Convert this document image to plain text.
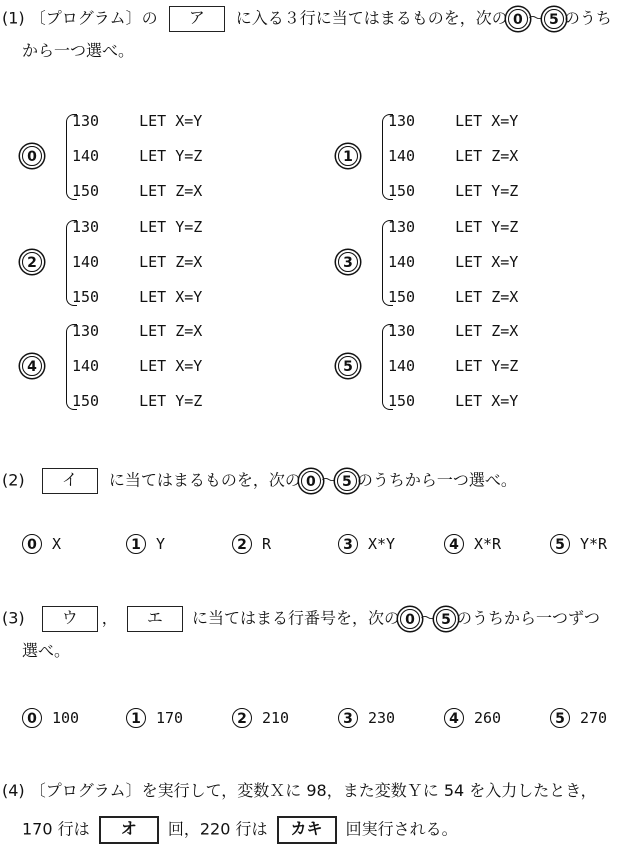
(1) 〔プログラム〕の ア に入る３行に当てはまるものを，次の 0 〜 5 のうち
から一つ選べ。
0
130	LET X=Y
140	LET Y=Z
150	LET Z=X
1
130	LET X=Y
140	LET Z=X
150	LET Y=Z
2
130	LET Y=Z
140	LET Z=X
150	LET X=Y
3
130	LET Y=Z
140	LET X=Y
150	LET Z=X
4
130	LET Z=X
140	LET X=Y
150	LET Y=Z
5
130	LET Z=X
140	LET Y=Z
150	LET X=Y
(2) イ に当てはまるものを，次の 0 〜 5 のうちから一つ選べ。
0	X	1	Y	2	R	3	X*Y	4	X*R	5	Y*R
(3) ウ ， エ に当てはまる行番号を，次の 0 〜 5 のうちから一つずつ
選べ。
0	100	1	170	2	210	3	230	4	260	5	270
(4) 〔プログラム〕を実行して，変数Ｘに 98，また変数Ｙに 54 を入力したとき，
170 行は オ 回，220 行は カキ 回実行される。
